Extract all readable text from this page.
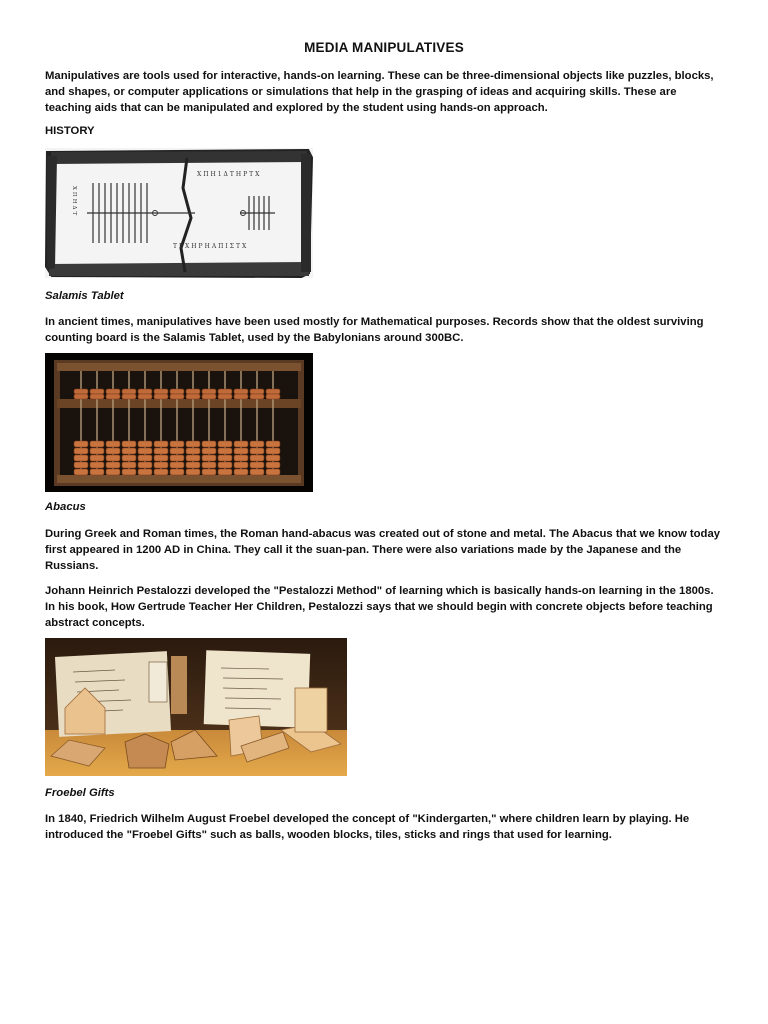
MEDIA MANIPULATIVES
Manipulatives are tools used for interactive, hands-on learning. These can be three-dimensional objects like puzzles, blocks, and shapes, or computer applications or simulations that help in the grasping of ideas and acquiring skills. These are teaching aids that can be manipulated and explored by the student using hands-on approach.
HISTORY
ΧΠΗ1ΔΤΗΡΤΧ
ΤΡΧΗΡΗΑΠΙΣΤΧ
ΧΠΗΔΤ
Salamis Tablet
In ancient times, manipulatives have been used mostly for Mathematical purposes. Records show that the oldest surviving counting board is the Salamis Tablet, used by the Babylonians around 300BC.
Abacus
During Greek and Roman times, the Roman hand-abacus was created out of stone and metal. The Abacus that we know today first appeared in 1200 AD in China. They call it the suan-pan. There were also variations made by the Japanese and the Russians.
Johann Heinrich Pestalozzi developed the "Pestalozzi Method" of learning which is basically hands-on learning in the 1800s. In his book, How Gertrude Teacher Her Children, Pestalozzi says that we should begin with concrete objects before teaching abstract concepts.
Froebel Gifts
In 1840, Friedrich Wilhelm August Froebel developed the concept of "Kindergarten," where children learn by playing. He introduced the "Froebel Gifts" such as balls, wooden blocks, tiles, sticks and rings that used for learning.
